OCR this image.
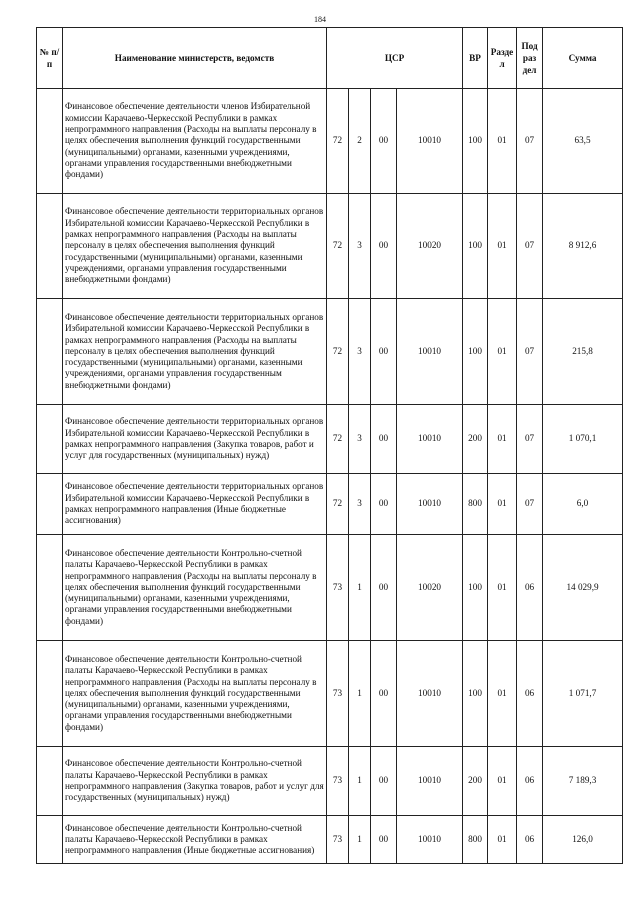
184
№ п/п	Наименование министерств, ведомств	ЦСР				ВР	Разде л	Под раз дел	Сумма
	Финансовое обеспечение деятельности членов Избирательной комиссии Карачаево-Черкесской Республики в рамках непрограммного направления (Расходы на выплаты персоналу в целях обеспечения выполнения функций государственными (муниципальными) органами, казенными учреждениями, органами управления государственными внебюджетными фондами)	72	2	00	10010	100	01	07	63,5
	Финансовое обеспечение деятельности территориальных органов Избирательной комиссии Карачаево-Черкесской Республики в рамках непрограммного направления (Расходы на выплаты персоналу в целях обеспечения выполнения функций государственными (муниципальными) органами, казенными учреждениями, органами управления государственными внебюджетными фондами)	72	3	00	10020	100	01	07	8 912,6
	Финансовое обеспечение деятельности территориальных органов Избирательной комиссии Карачаево-Черкесской Республики в рамках непрограммного направления (Расходы на выплаты персоналу в целях обеспечения выполнения функций государственными (муниципальными) органами, казенными учреждениями, органами управления государственным внебюджетными фондами)	72	3	00	10010	100	01	07	215,8
	Финансовое обеспечение деятельности территориальных органов Избирательной комиссии Карачаево-Черкесской Республики в рамках непрограммного направления (Закупка товаров, работ и услуг для государственных (муниципальных) нужд)	72	3	00	10010	200	01	07	1 070,1
	Финансовое обеспечение деятельности территориальных органов Избирательной комиссии Карачаево-Черкесской Республики в рамках непрограммного направления (Иные бюджетные ассигнования)	72	3	00	10010	800	01	07	6,0
	Финансовое обеспечение деятельности Контрольно-счетной палаты Карачаево-Черкесской Республики в рамках непрограммного направления (Расходы на выплаты персоналу в целях обеспечения выполнения функций государственными (муниципальными) органами, казенными учреждениями, органами управления государственными внебюджетными фондами)	73	1	00	10020	100	01	06	14 029,9
	Финансовое обеспечение деятельности Контрольно-счетной палаты Карачаево-Черкесской Республики в рамках непрограммного направления (Расходы на выплаты персоналу в целях обеспечения выполнения функций государственными (муниципальными) органами, казенными учреждениями, органами управления государственными внебюджетными фондами)	73	1	00	10010	100	01	06	1 071,7
	Финансовое обеспечение деятельности Контрольно-счетной палаты Карачаево-Черкесской Республики в рамках непрограммного направления (Закупка товаров, работ и услуг для государственных (муниципальных) нужд)	73	1	00	10010	200	01	06	7 189,3
	Финансовое обеспечение деятельности Контрольно-счетной палаты Карачаево-Черкесской Республики в рамках непрограммного направления (Иные бюджетные ассигнования)	73	1	00	10010	800	01	06	126,0
